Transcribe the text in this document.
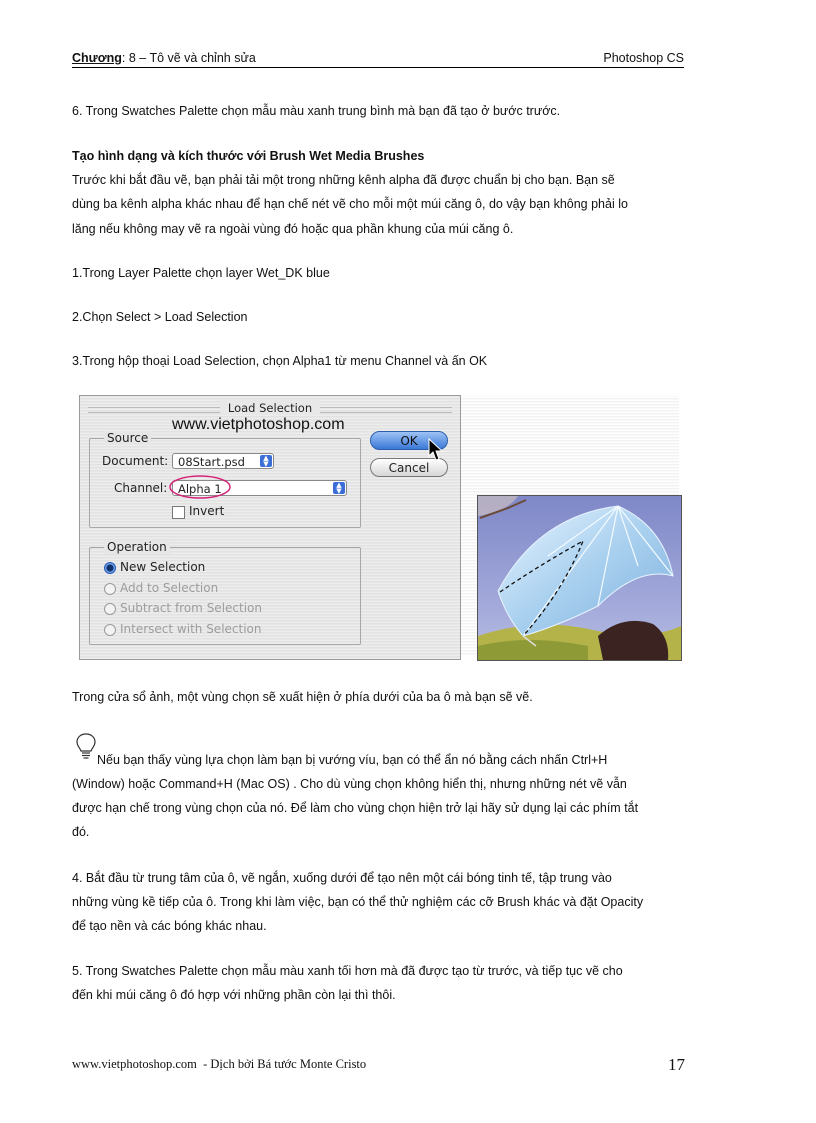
Chương: 8 – Tô vẽ và chỉnh sửa	Photoshop CS
6. Trong Swatches Palette chọn mẫu màu xanh trung bình mà bạn đã tạo ở bước trước.
Tạo hình dạng và kích thước với Brush Wet Media Brushes
Trước khi bắt đầu vẽ, bạn phải tải một trong những kênh alpha đã được chuẩn bị cho bạn. Bạn sẽ
dùng ba kênh alpha khác nhau để hạn chế nét vẽ cho mỗi một múi căng ô, do vậy bạn không phải lo
lăng nếu không may vẽ ra ngoài vùng đó hoặc qua phần khung của múi căng ô.
1.Trong Layer Palette chọn layer Wet_DK blue
2.Chọn Select > Load Selection
3.Trong hộp thoại Load Selection, chọn Alpha1 từ menu Channel và ấn OK
Load Selection
www.vietphotoshop.com
Source
Document: 08Start.psd	▲
▼
Channel: Alpha 1	▲
▼
Invert
OK
Cancel
Operation
New Selection
Add to Selection
Subtract from Selection
Intersect with Selection
Trong cửa sổ ảnh, một vùng chọn sẽ xuất hiện ở phía dưới của ba ô mà bạn sẽ vẽ.
Nếu bạn thấy vùng lựa chọn làm bạn bị vướng víu, bạn có thể ẩn nó bằng cách nhấn Ctrl+H
(Window) hoặc Command+H (Mac OS) . Cho dù vùng chọn không hiển thị, nhưng những nét vẽ vẫn
được hạn chế trong vùng chọn của nó. Để làm cho vùng chọn hiện trở lại hãy sử dụng lại các phím tắt
đó.
4. Bắt đầu từ trung tâm của ô, vẽ ngắn, xuống dưới để tạo nên một cái bóng tinh tế, tập trung vào
những vùng kề tiếp của ô. Trong khi làm việc, bạn có thể thử nghiệm các cỡ Brush khác và đặt Opacity
để tạo nền và các bóng khác nhau.
5. Trong Swatches Palette chọn mẫu màu xanh tối hơn mà đã được tạo từ trước, và tiếp tục vẽ cho
đến khi múi căng ô đó hợp với những phần còn lại thì thôi.
www.vietphotoshop.com  - Dịch bởi Bá tước Monte Cristo	17
